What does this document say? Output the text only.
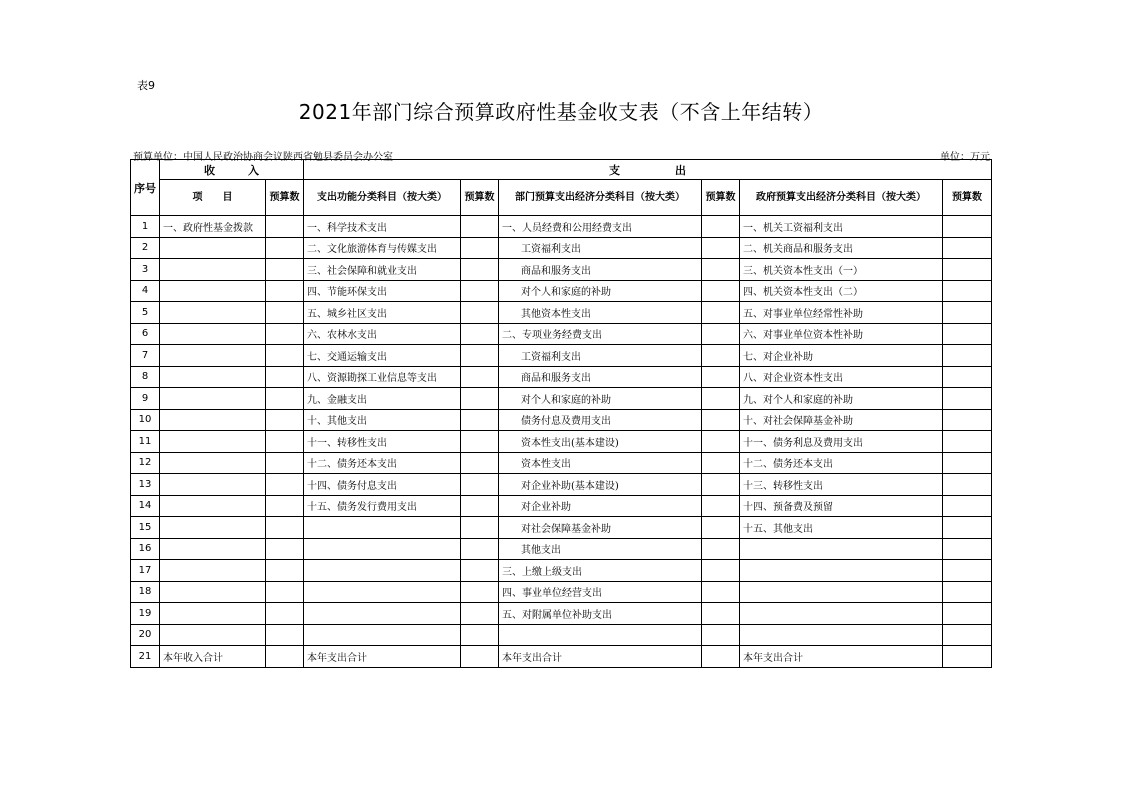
表9
2021年部门综合预算政府性基金收支表（不含上年结转）
预算单位：中国人民政治协商会议陕西省勉县委员会办公室	单位：万元
序号	收　　　入		支　　　　　出					
	项　　目	预算数	支出功能分类科目（按大类）	预算数	部门预算支出经济分类科目（按大类）	预算数	政府预算支出经济分类科目（按大类）	预算数
1	一、政府性基金拨款		一、科学技术支出		一、人员经费和公用经费支出		一、机关工资福利支出	
2			二、文化旅游体育与传媒支出		工资福利支出		二、机关商品和服务支出	
3			三、社会保障和就业支出		商品和服务支出		三、机关资本性支出（一）	
4			四、节能环保支出		对个人和家庭的补助		四、机关资本性支出（二）	
5			五、城乡社区支出		其他资本性支出		五、对事业单位经常性补助	
6			六、农林水支出		二、专项业务经费支出		六、对事业单位资本性补助	
7			七、交通运输支出		工资福利支出		七、对企业补助	
8			八、资源勘探工业信息等支出		商品和服务支出		八、对企业资本性支出	
9			九、金融支出		对个人和家庭的补助		九、对个人和家庭的补助	
10			十、其他支出		债务付息及费用支出		十、对社会保障基金补助	
11			十一、转移性支出		资本性支出(基本建设)		十一、债务利息及费用支出	
12			十二、债务还本支出		资本性支出		十二、债务还本支出	
13			十四、债务付息支出		对企业补助(基本建设)		十三、转移性支出	
14			十五、债务发行费用支出		对企业补助		十四、预备费及预留	
15					对社会保障基金补助		十五、其他支出	
16					其他支出			
17					三、上缴上级支出			
18					四、事业单位经营支出			
19					五、对附属单位补助支出			
20								
21	本年收入合计		本年支出合计		本年支出合计		本年支出合计	
